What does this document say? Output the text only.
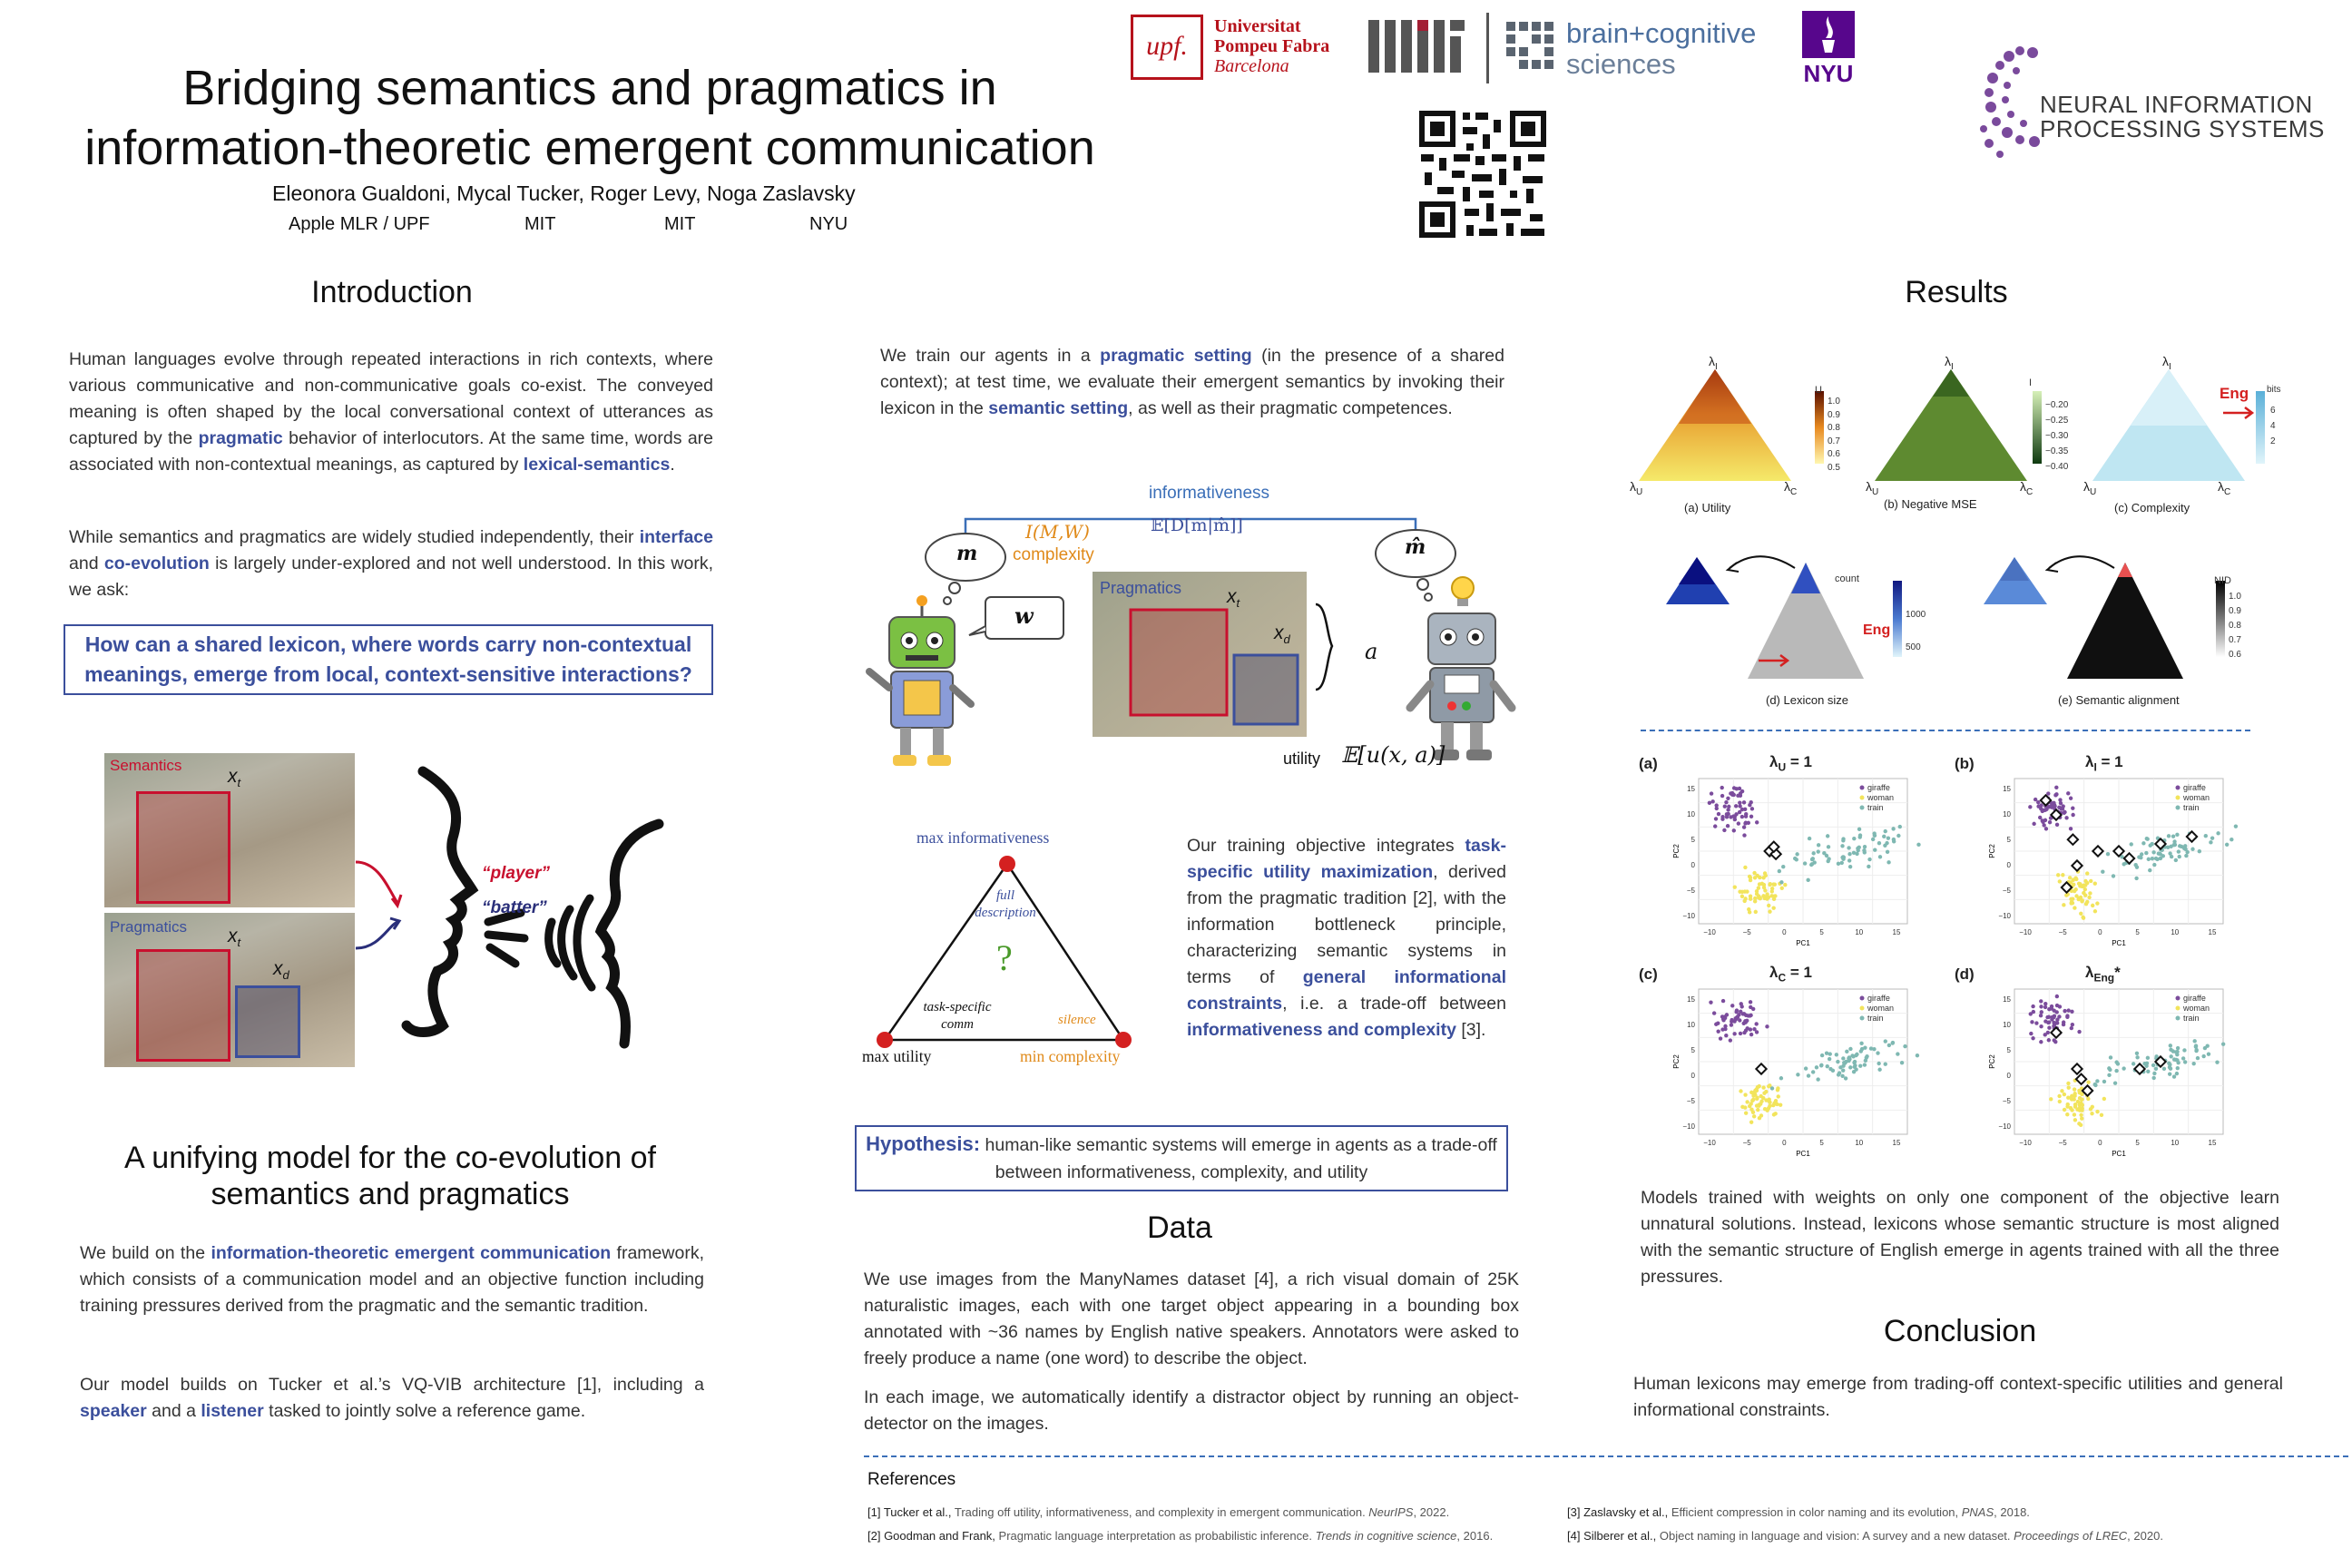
Bridging semantics and pragmatics in
information-theoretic emergent communication
Eleonora Gualdoni, Mycal Tucker, Roger Levy, Noga Zaslavsky
Apple MLR / UPF	MIT	MIT	NYU
upf.
Universitat
Pompeu Fabra
Barcelona
brain+cognitive
sciences	NYU
NEURAL INFORMATION
PROCESSING SYSTEMS
Introduction
Human languages evolve through repeated interactions in rich contexts, where various communicative and non-communicative goals co-exist. The conveyed meaning is often shaped by the local conversational context of utterances as captured by the pragmatic behavior of interlocutors. At the same time, words are associated with non-contextual meanings, as captured by lexical-semantics.
While semantics and pragmatics are widely studied independently, their interface and co-evolution is largely under-explored and not well understood. In this work, we ask:
How can a shared lexicon, where words carry non-contextual meanings, emerge from local, context-sensitive interactions?
Semantics
$x_t$
Pragmatics $x_t$
$x_d$
“player”
“batter”
A unifying model for the co-evolution of
semantics and pragmatics
We build on the information-theoretic emergent communication framework, which consists of a communication model and an objective function including training pressures derived from the pragmatic and the semantic tradition.
Our model builds on Tucker et al.’s VQ-VIB architecture [1], including a speaker and a listener tasked to jointly solve a reference game.
We train our agents in a pragmatic setting (in the presence of a shared context); at test time, we evaluate their emergent semantics by invoking their lexicon in the semantic setting, as well as their pragmatic competences.
informativeness
𝔼[D[m|m̂]]
I(M,W)
complexity
m	m̂
w
Pragmatics $x_t$
$x_d$	a
utility 𝔼[u(x, a)]
max informativeness
max utility	min complexity
full
description
task-specific
comm	silence
?
Our training objective integrates task-specific utility maximization, derived from the pragmatic tradition [2], with the information bottleneck principle, characterizing semantic systems in terms of general informational constraints, i.e. a trade-off between informativeness and complexity [3].
Hypothesis: human-like semantic systems will emerge in agents as a trade-off between informativeness, complexity, and utility
Data
We use images from the ManyNames dataset [4], a rich visual domain of 25K naturalistic images, each with one target object appearing in a bounding box annotated with ~36 names by English native speakers. Annotators were asked to freely produce a name (one word) to describe the object.
In each image, we automatically identify a distractor object by running an object-detector on the images.
Results
$\lambda_I$
$\lambda_U$	$\lambda_C$
U
1.0
0.9
0.8
0.7
0.6
0.5
(a) Utility
$\lambda_I$
$\lambda_U$	$\lambda_C$
I
−0.20
−0.25
−0.30
−0.35
−0.40
(b) Negative MSE
$\lambda_I$
$\lambda_U$	$\lambda_C$
Eng bits
6
4
2
(c) Complexity
count
1000
500
Eng
(d) Lexicon size
NID
1.0
0.9
0.8
0.7
0.6
(e) Semantic alignment
giraffe
woman
train
−10	−5	0	5	10	15
15
10
5
0
−5
−10
PC1
PC2
(a)	$\lambda_U = 1$
giraffe
woman
train
−10	−5	0	5	10	15
15
10
5
0
−5
−10
PC1
PC2
(b)	$\lambda_I = 1$
giraffe
woman
train
−10	−5	0	5	10	15
15
10
5
0
−5
−10
PC1
PC2
(c)	$\lambda_C = 1$
giraffe
woman
train
−10	−5	0	5	10	15
15
10
5
0
−5
−10
PC1
PC2
(d)	$\lambda_{Eng}*$
Models trained with weights on only one component of the objective learn unnatural solutions. Instead, lexicons whose semantic structure is most aligned with the semantic structure of English emerge in agents trained with all the three pressures.
Conclusion
Human lexicons may emerge from trading-off context-specific utilities and general informational constraints.
References
[1] Tucker et al., Trading off utility, informativeness, and complexity in emergent communication. NeurIPS, 2022.
[2] Goodman and Frank, Pragmatic language interpretation as probabilistic inference. Trends in cognitive science, 2016.
[3] Zaslavsky et al., Efficient compression in color naming and its evolution, PNAS, 2018.
[4] Silberer et al., Object naming in language and vision: A survey and a new dataset. Proceedings of LREC, 2020.
